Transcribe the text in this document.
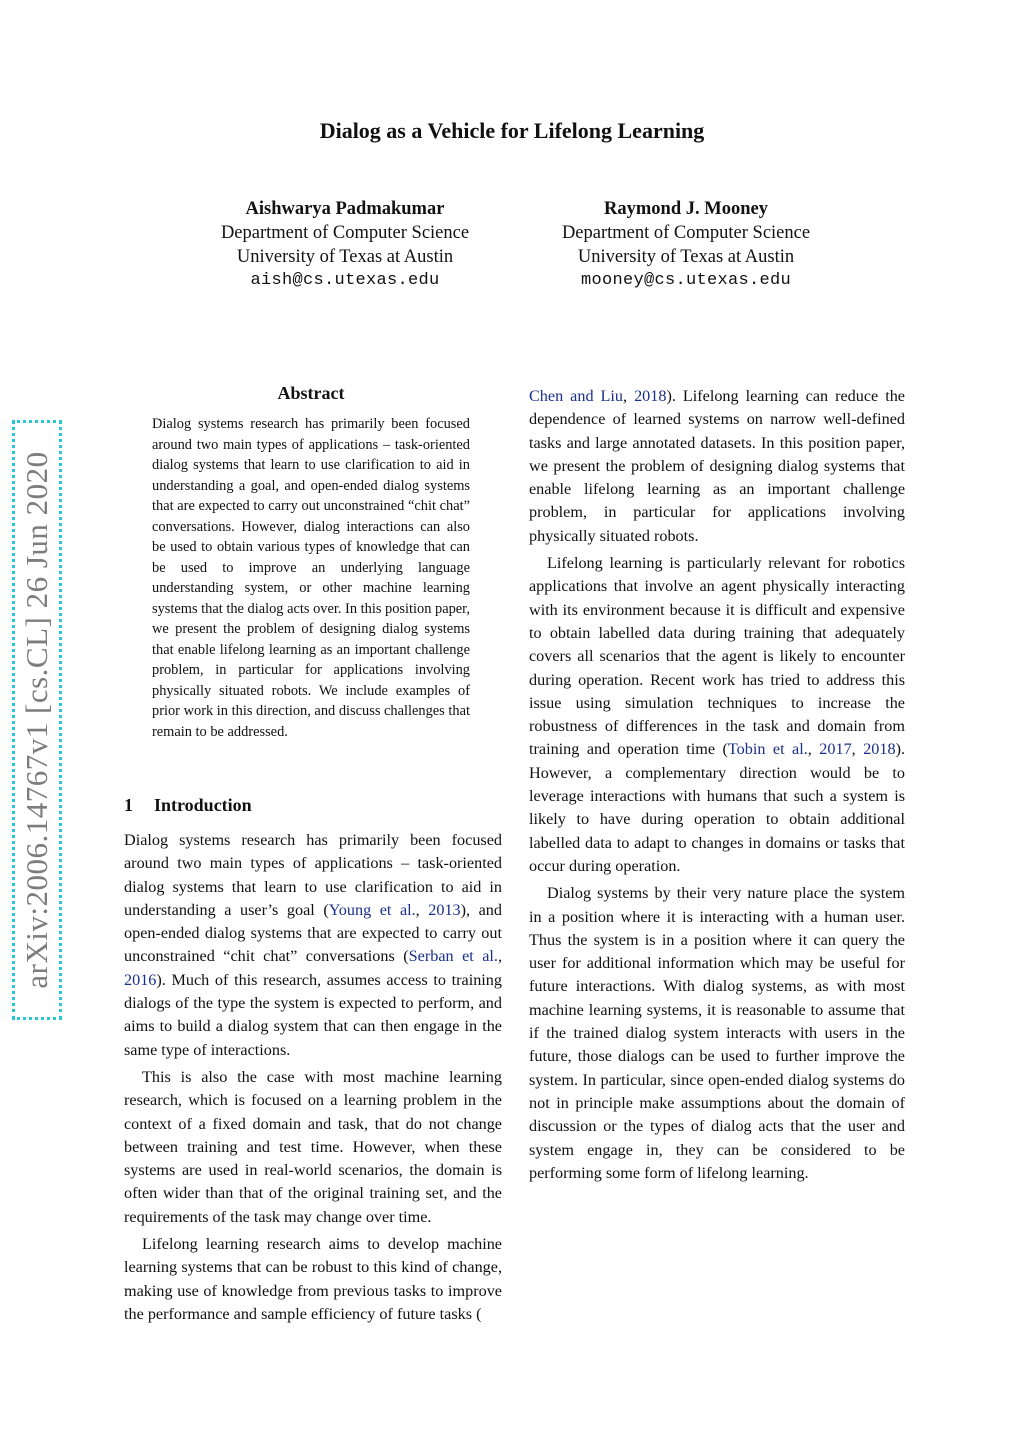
Dialog as a Vehicle for Lifelong Learning
Aishwarya Padmakumar
Department of Computer Science
University of Texas at Austin
aish@cs.utexas.edu
Raymond J. Mooney
Department of Computer Science
University of Texas at Austin
mooney@cs.utexas.edu
arXiv:2006.14767v1 [cs.CL] 26 Jun 2020
Abstract

Dialog systems research has primarily been focused around two main types of applications – task-oriented dialog systems that learn to use clarification to aid in understanding a goal, and open-ended dialog systems that are expected to carry out unconstrained “chit chat” conversations. However, dialog interactions can also be used to obtain various types of knowledge that can be used to improve an underlying language understanding system, or other machine learning systems that the dialog acts over. In this position paper, we present the problem of designing dialog systems that enable lifelong learning as an important challenge problem, in particular for applications involving physically situated robots. We include examples of prior work in this direction, and discuss challenges that remain to be addressed.

1 Introduction

Dialog systems research has primarily been focused around two main types of applications – task-oriented dialog systems that learn to use clarification to aid in understanding a user’s goal (Young et al., 2013), and open-ended dialog systems that are expected to carry out unconstrained “chit chat” conversations (Serban et al., 2016). Much of this research, assumes access to training dialogs of the type the system is expected to perform, and aims to build a dialog system that can then engage in the same type of interactions.

This is also the case with most machine learning research, which is focused on a learning problem in the context of a fixed domain and task, that do not change between training and test time. However, when these systems are used in real-world scenarios, the domain is often wider than that of the original training set, and the requirements of the task may change over time.

Lifelong learning research aims to develop machine learning systems that can be robust to this kind of change, making use of knowledge from previous tasks to improve the performance and sample efficiency of future tasks (

Chen and Liu, 2018). Lifelong learning can reduce the dependence of learned systems on narrow well-defined tasks and large annotated datasets. In this position paper, we present the problem of designing dialog systems that enable lifelong learning as an important challenge problem, in particular for applications involving physically situated robots.

Lifelong learning is particularly relevant for robotics applications that involve an agent physically interacting with its environment because it is difficult and expensive to obtain labelled data during training that adequately covers all scenarios that the agent is likely to encounter during operation. Recent work has tried to address this issue using simulation techniques to increase the robustness of differences in the task and domain from training and operation time (Tobin et al., 2017, 2018). However, a complementary direction would be to leverage interactions with humans that such a system is likely to have during operation to obtain additional labelled data to adapt to changes in domains or tasks that occur during operation.

Dialog systems by their very nature place the system in a position where it is interacting with a human user. Thus the system is in a position where it can query the user for additional information which may be useful for future interactions. With dialog systems, as with most machine learning systems, it is reasonable to assume that if the trained dialog system interacts with users in the future, those dialogs can be used to further improve the system. In particular, since open-ended dialog systems do not in principle make assumptions about the domain of discussion or the types of dialog acts that the user and system engage in, they can be considered to be performing some form of lifelong learning.
